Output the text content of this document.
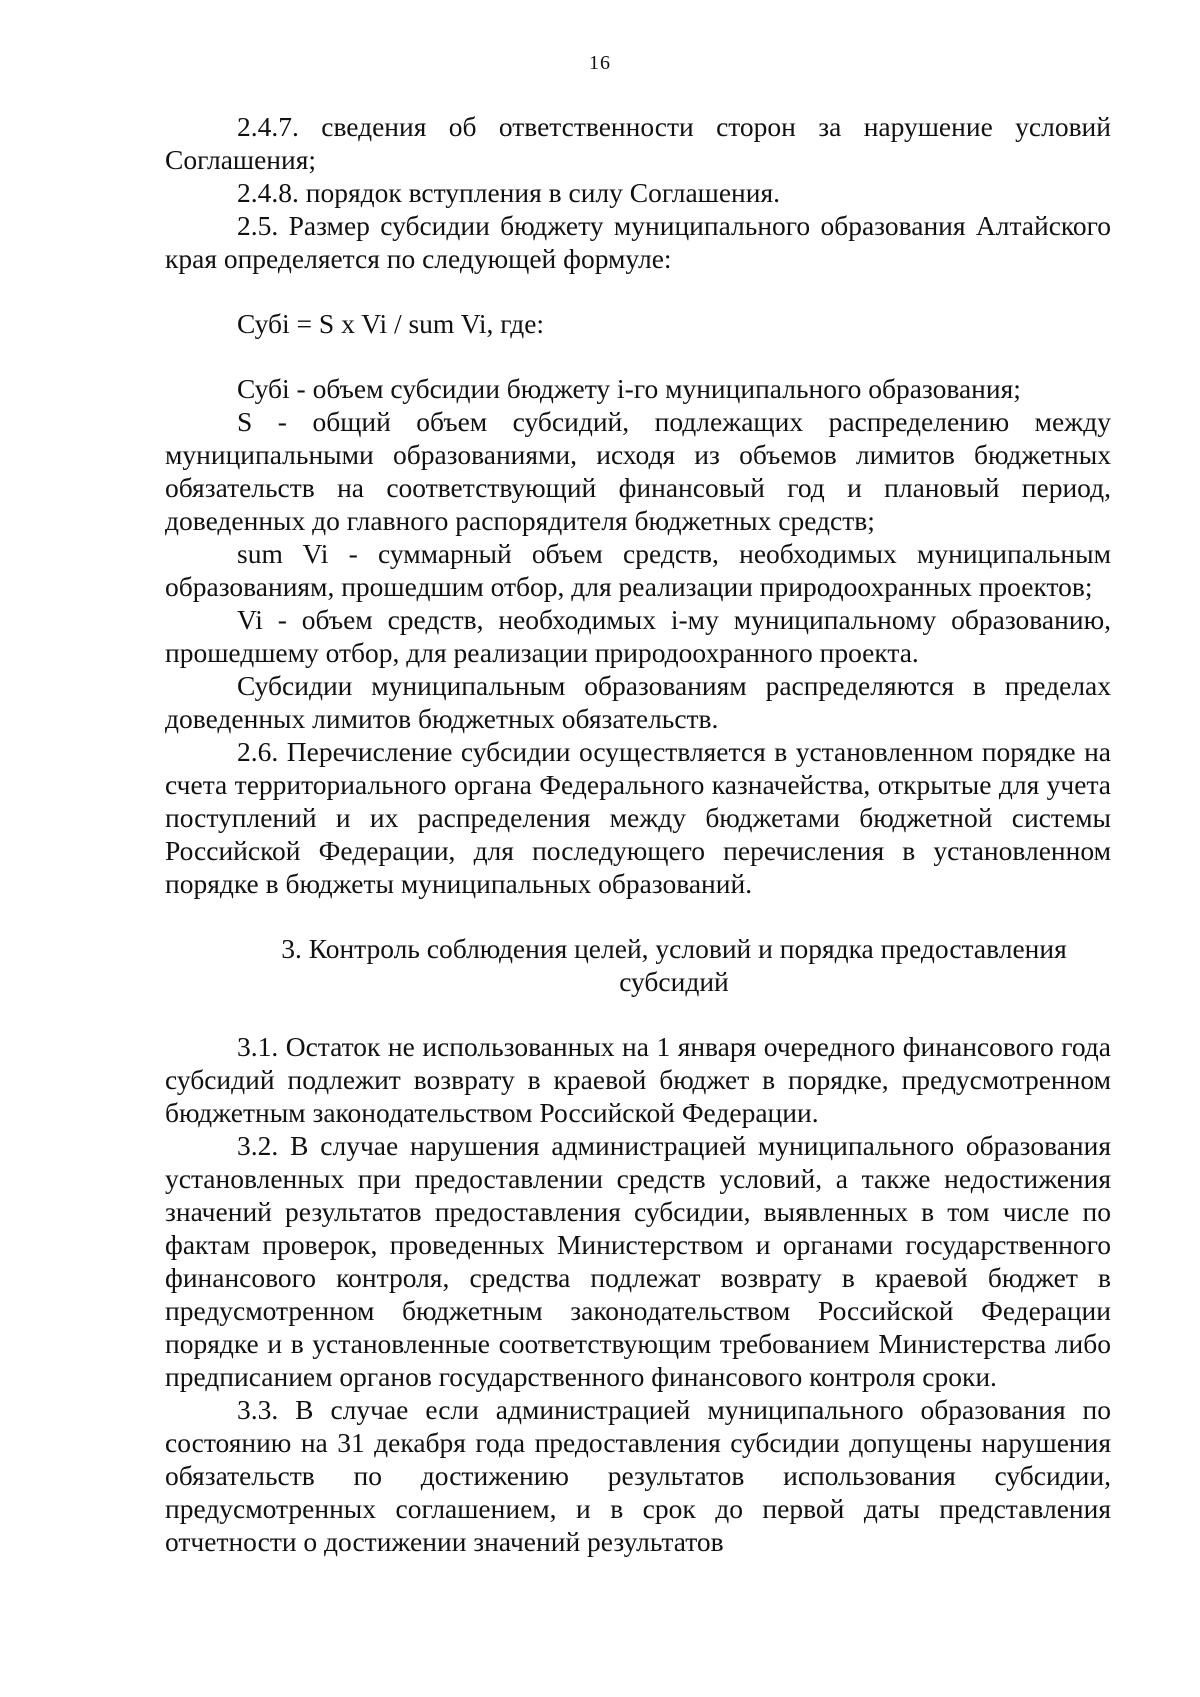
16

2.4.7. сведения об ответственности сторон за нарушение условий Соглашения;

2.4.8. порядок вступления в силу Соглашения.

2.5. Размер субсидии бюджету муниципального образования Алтайского края определяется по следующей формуле:

Субi = S x Vi / sum Vi, где:

Субi - объем субсидии бюджету i-го муниципального образования;

S - общий объем субсидий, подлежащих распределению между муниципальными образованиями, исходя из объемов лимитов бюджетных обязательств на соответствующий финансовый год и плановый период, доведенных до главного распорядителя бюджетных средств;

sum Vi - суммарный объем средств, необходимых муниципальным образованиям, прошедшим отбор, для реализации природоохранных проектов;

Vi - объем средств, необходимых i-му муниципальному образованию, прошедшему отбор, для реализации природоохранного проекта.

Субсидии муниципальным образованиям распределяются в пределах доведенных лимитов бюджетных обязательств.

2.6. Перечисление субсидии осуществляется в установленном порядке на счета территориального органа Федерального казначейства, открытые для учета поступлений и их распределения между бюджетами бюджетной системы Российской Федерации, для последующего перечисления в установленном порядке в бюджеты муниципальных образований.

3. Контроль соблюдения целей, условий и порядка предоставления
субсидий

3.1. Остаток не использованных на 1 января очередного финансового года субсидий подлежит возврату в краевой бюджет в порядке, предусмотренном бюджетным законодательством Российской Федерации.

3.2. В случае нарушения администрацией муниципального образования установленных при предоставлении средств условий, а также недостижения значений результатов предоставления субсидии, выявленных в том числе по фактам проверок, проведенных Министерством и органами государственного финансового контроля, средства подлежат возврату в краевой бюджет в предусмотренном бюджетным законодательством Российской Федерации порядке и в установленные соответствующим требованием Министерства либо предписанием органов государственного финансового контроля сроки.

3.3. В случае если администрацией муниципального образования по состоянию на 31 декабря года предоставления субсидии допущены нарушения обязательств по достижению результатов использования субсидии, предусмотренных соглашением, и в срок до первой даты представления отчетности о достижении значений результатов
